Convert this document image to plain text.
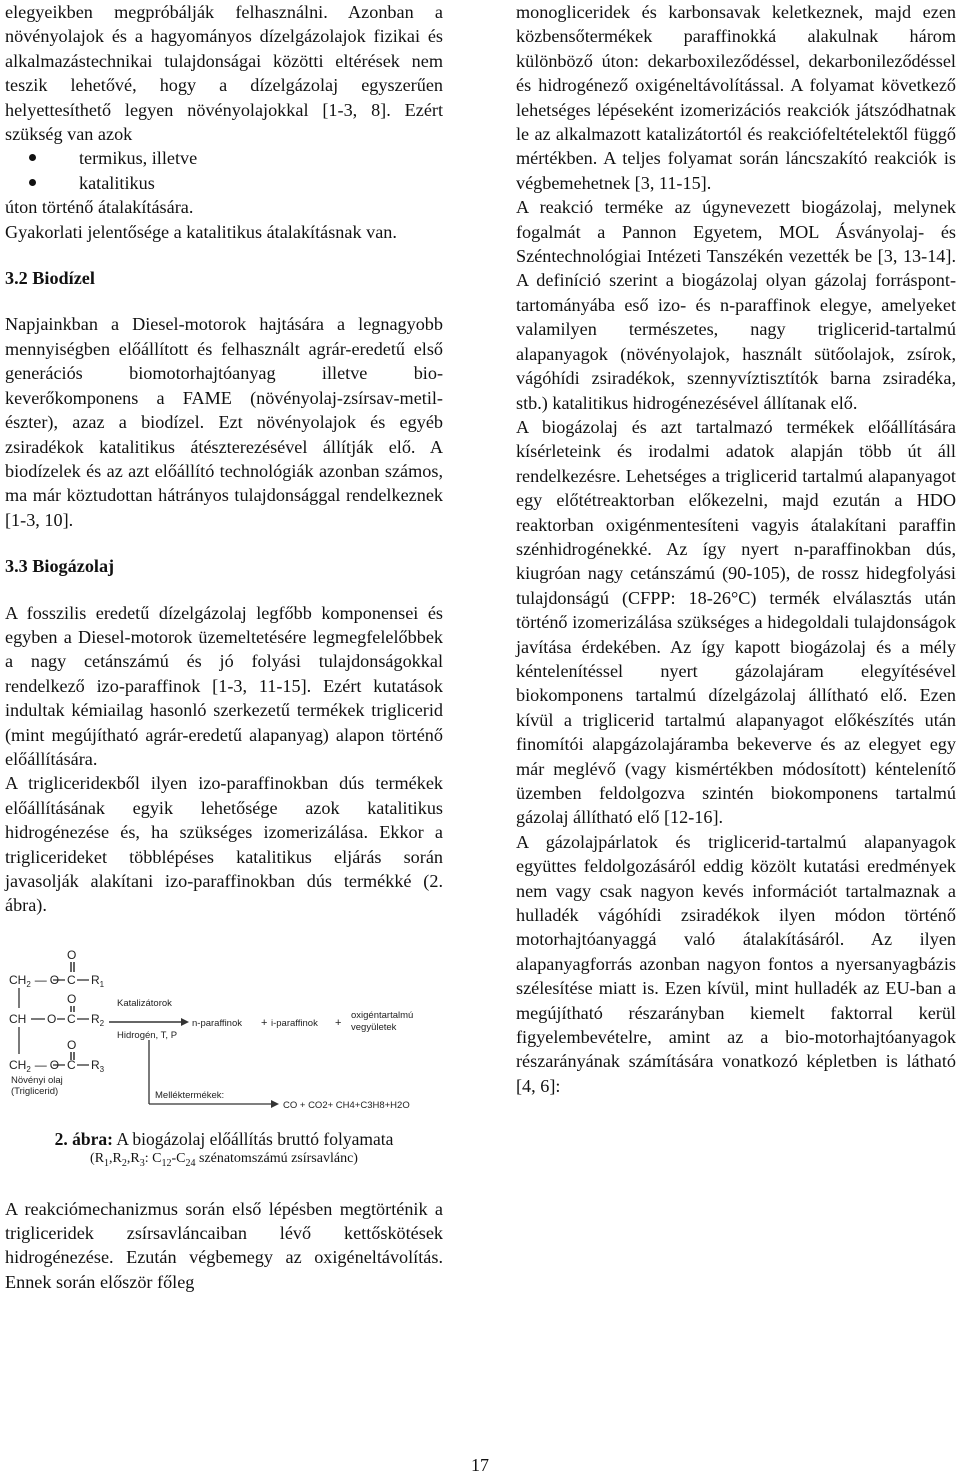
elegyeikben megpróbálják felhasználni. Azonban a növényolajok és a hagyományos dízelgázolajok fizikai és alkalmazástechnikai tulajdonságai közötti eltérések nem teszik lehetővé, hogy a dízelgázolaj egyszerűen helyettesíthető legyen növényolajokkal [1-3, 8]. Ezért szükség van azok

termikus, illetve
katalitikus

úton történő átalakítására.

Gyakorlati jelentősége a katalitikus átalakításnak van.

3.2 Biodízel

Napjainkban a Diesel-motorok hajtására a legnagyobb mennyiségben előállított és felhasznált agrár-eredetű első generációs biomotorhajtóanyag illetve bio-keverőkomponens a FAME (növényolaj-zsírsav-metil-észter), azaz a biodízel. Ezt növényolajok és egyéb zsiradékok katalitikus átészterezésével állítják elő. A biodízelek és az azt előállító technológiák azonban számos, ma már köztudottan hátrányos tulajdonsággal rendelkeznek [1-3, 10].

3.3 Biogázolaj

A fosszilis eredetű dízelgázolaj legfőbb komponensei és egyben a Diesel-motorok üzemeltetésére legmegfelelőbbek a nagy cetánszámú és jó folyási tulajdonságokkal rendelkező izo-paraffinok [1-3, 11-15]. Ezért kutatások indultak kémiailag hasonló szerkezetű termékek triglicerid (mint megújítható agrár-eredetű alapanyag) alapon történő előállítására.

A triglicerideкből ilyen izo-paraffinokban dús termékek előállításának egyik lehetősége azok katalitikus hidrogénezése és, ha szükséges izomerizálása. Ekkor a trigliceridеket többlépéses katalitikus eljárás során javasolják alakítani izo-paraffinokban dús termékké (2. ábra).

O
$CH_2$ — O C $R_1$
O
CH O C $R_2$
O
$CH_2$ — O C $R_3$
Növényi olaj
(Triglicerid)
Katalizátorok
Hidrogén, T, P
n-paraffinok + i-paraffinok +
oxigéntartalmú
vegyületek
Melléktermékek:
CO + CO2+ CH4+C3H8+H2O
2. ábra: A biogázolaj előállítás bruttó folyamata
($R_1,R_2,R_3$: $C_{12}-C_{24}$ szénatomszámú zsírsavlánc)

A reakciómechanizmus során első lépésben megtörténik a trigliceridek zsírsavláncaiban lévő kettőskötések hidrogénezése. Ezután végbemegy az oxigéneltávolítás. Ennek során először főleg

monogliceridek és karbonsavak keletkeznek, majd ezen közbensőtermékek paraffinokká alakulnak három különböző úton: dekarboxileződéssel, dekarbonileződéssel és hidrogénező oxigéneltávolítással. A folyamat következő lehetséges lépéseként izomerizációs reakciók játszódhatnak le az alkalmazott katalizátortól és reakciófeltételektől függő mértékben. A teljes folyamat során láncszakító reakciók is végbemehetnek [3, 11-15].

A reakció terméke az úgynevezett biogázolaj, melynek fogalmát a Pannon Egyetem, MOL Ásványolaj- és Széntechnológiai Intézeti Tanszékén vezették be [3, 13-14]. A definíció szerint a biogázolaj olyan gázolaj forrásponttartományába eső izo- és n-paraffinok elegye, amelyeket valamilyen természetes, nagy triglicerid-tartalmú alapanyagok (növényolajok, használt sütőolajok, zsírok, vágóhídi zsiradékok, szennyvíztisztítók barna zsiradéka, stb.) katalitikus hidrogénezésével állítanak elő.

A biogázolaj és azt tartalmazó termékek előállítására kísérleteink és irodalmi adatok alapján több út áll rendelkezésre. Lehetséges a triglicerid tartalmú alapanyagot egy előtétreaktorban előkezelni, majd ezután a HDO reaktorban oxigénmentesíteni vagyis átalakítani paraffin szénhidrogénekké. Az így nyert n-paraffinokban dús, kiugróan nagy cetánszámú (90-105), de rossz hidegfolyási tulajdonságú (CFPP: 18-26°C) termék elválasztás után történő izomerizálása szükséges a hidegoldali tulajdonságok javítása érdekében. Az így kapott biogázolaj és a mély kéntelenítéssel nyert gázolajáram elegyítésével biokomponens tartalmú dízelgázolaj állítható elő. Ezen kívül a triglicerid tartalmú alapanyagot előkészítés után finomítói alapgázolajáramba bekeverve és az elegyet egy már meglévő (vagy kismértékben módosított) kéntelenítő üzemben feldolgozva szintén biokomponens tartalmú gázolaj állítható elő [12-16].

A gázolajpárlatok és triglicerid-tartalmú alapanyagok együttes feldolgozásáról eddig közölt kutatási eredmények nem vagy csak nagyon kevés információt tartalmaznak a hulladék vágóhídi zsiradékok ilyen módon történő motorhajtóanyaggá való átalakításáról. Az ilyen alapanyagforrás azonban nagyon fontos a nyersanyagbázis szélesítése miatt is. Ezen kívül, mint hulladék az EU-ban a megújítható részarányban kiemelt faktorral kerül figyelembevételre, amint az a bio-motorhajtóanyagok részarányának számítására vonatkozó képletben is látható [4, 6]:

17
